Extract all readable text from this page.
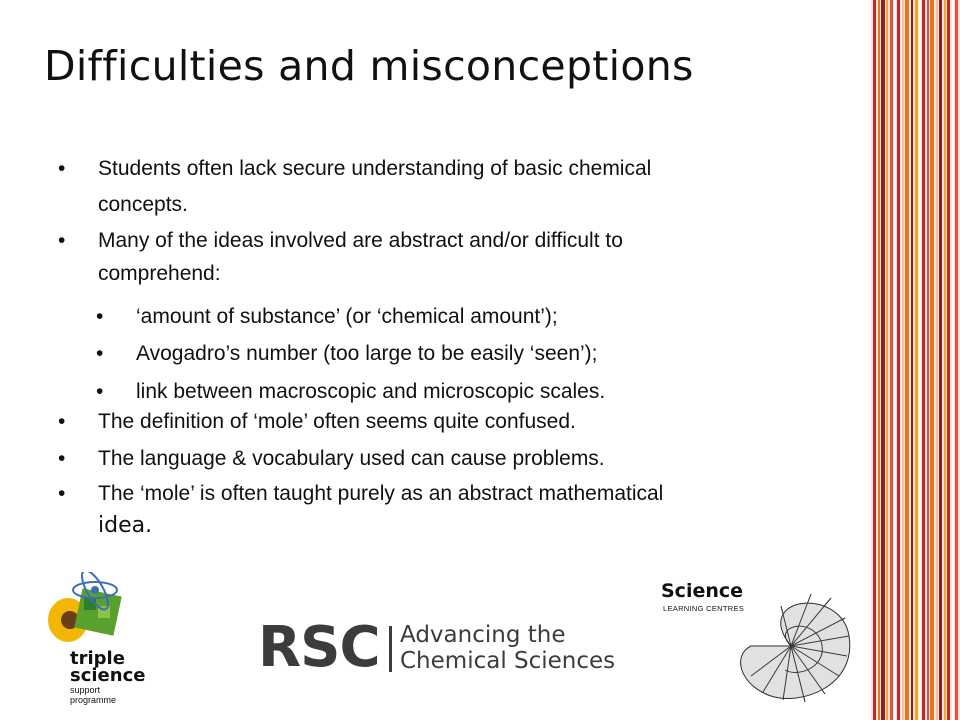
Difficulties and misconceptions
• Students often lack secure understanding of basic chemical
concepts.
• Many of the ideas involved are abstract and/or difficult to
comprehend:
• ‘amount of substance’ (or ‘chemical amount’);
• Avogadro’s number (too large to be easily ‘seen’);
• link between macroscopic and microscopic scales.
• The definition of ‘mole’ often seems quite confused.
• The language & vocabulary used can cause problems.
• The ‘mole’ is often taught purely as an abstract mathematical
idea.
triple
science
support
programme
RSC Advancing the
Chemical Sciences
Science
LEARNING CENTRES
